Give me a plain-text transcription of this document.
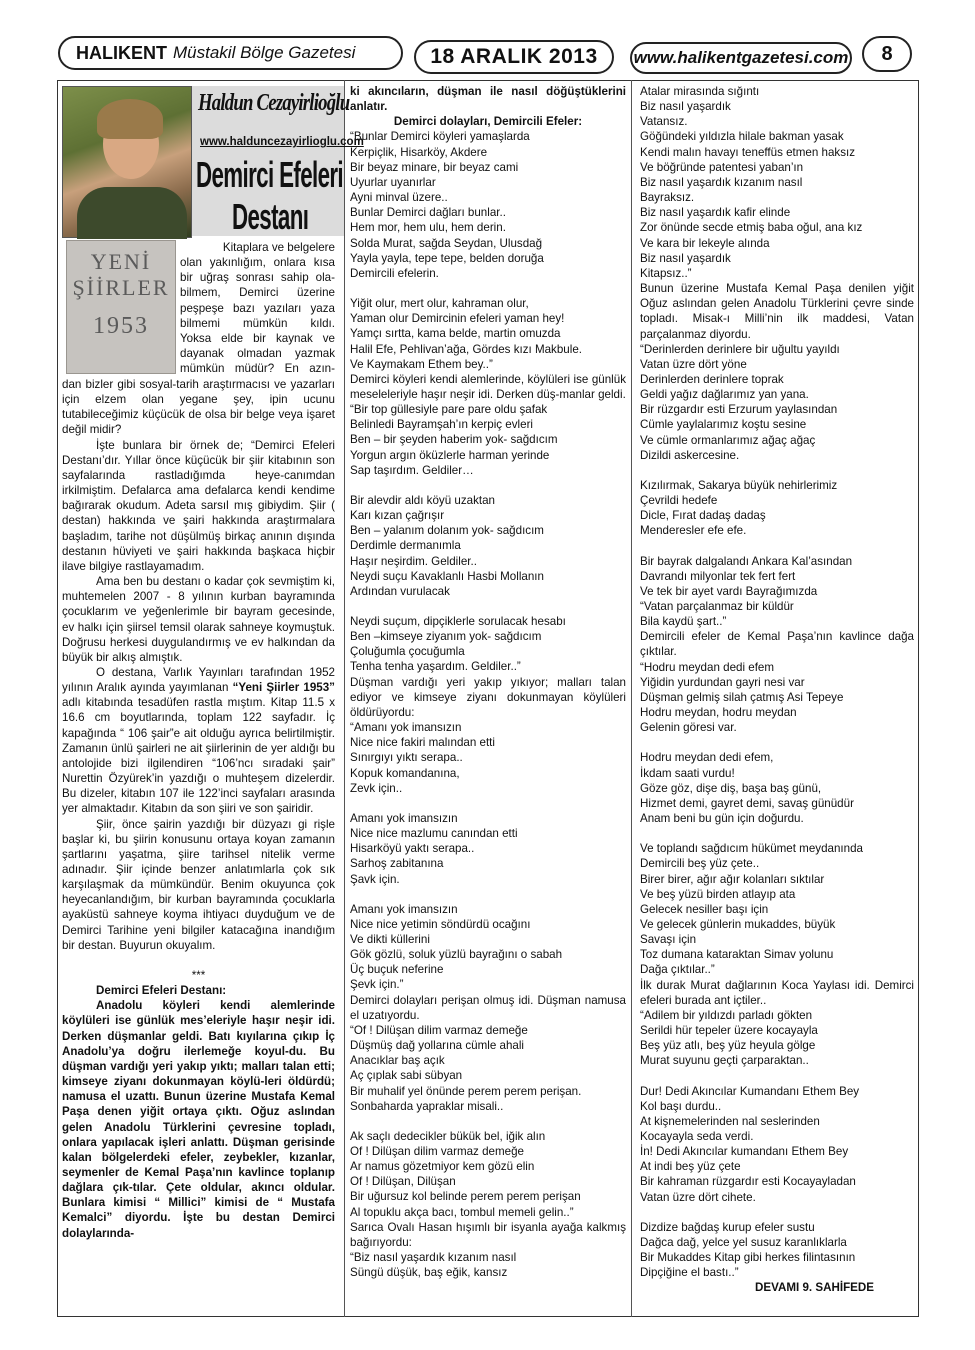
HALIKENT Müstakil Bölge Gazetesi	18 ARALIK 2013	www.halikentgazetesi.com	8
Haldun Cezayirlioğlu
www.halduncezayirlioglu.com
Demirci Efeleri
Destanı
YENİ
ŞİİRLER
1953

Kitaplara ve belgelere

olan yakınlığım, onlara kısa

bir uğraş sonrası sahip ola-

bilmem, Demirci üzerine

peşpeşe bazı yazıları yaza

bilmemi mümkün kıldı.

Yoksa elde bir kaynak ve

dayanak olmadan yazmak

mümkün müdür? En azın-

dan bizler gibi sosyal-tarih araştırmacısı ve yazarları için elzem olan yegane şey, ipin ucunu tutabileceğimiz küçücük de olsa bir belge veya işaret değil midir?

İşte bunlara bir örnek de; “Demirci Efeleri Destanı’dır. Yıllar önce küçücük bir şiir kitabının son sayfalarında rastladığımda heye-canımdan irkilmiştim. Defalarca ama defalarca kendi kendime bağırarak okudum. Adeta sarsıl mış gibiydim. Şiir ( destan) hakkında ve şairi hakkında araştırmalara başladım, tarihe not düşülmüş birkaç anının dışında destanın hüviyeti ve şairi hakkında başkaca hiçbir ilave bilgiye rastlayamadım.

Ama ben bu destanı o kadar çok sevmiştim ki, muhtemelen 2007 - 8 yılının kurban bayramında çocuklarım ve yeğenlerimle bir bayram gecesinde, ev halkı için şiirsel temsil olarak sahneye koymuştuk. Doğrusu herkesi duygulandırmış ve ev halkından da büyük bir alkış almıştık.

O destana, Varlık Yayınları tarafından 1952 yılının Aralık ayında yayımlanan “Yeni Şiirler 1953” adlı kitabında tesadüfen rastla mıştım. Kitap 11.5 x 16.6 cm boyutlarında, toplam 122 sayfadır. İç kapağında “ 106 şair”e ait olduğu ayrıca belirtilmiştir. Zamanın ünlü şairleri ne ait şiirlerinin de yer aldığı bu antolojide bizi ilgilendiren “106’ncı sıradaki şair” Nurettin Özyürek’in yazdığı o muhteşem dizelerdir. Bu dizeler, kitabın 107 ile 122’inci sayfaları arasında yer almaktadır. Kitabın da son şiiri ve son şairidir.

Şiir, önce şairin yazdığı bir düzyazı gi rişle başlar ki, bu şiirin konusunu ortaya koyan zamanın şartlarını yaşatma, şiire tarihsel nitelik verme adınadır. Şiir içinde benzer anlatımlarla çok sık karşılaşmak da mümkündür. Benim okuyunca çok heyecanlandığım, bir kurban bayramında çocuklarla ayaküstü sahneye koyma ihtiyacı duyduğum ve de Demirci Tarihine yeni bilgiler katacağına inandığım bir destan. Buyurun okuyalım.

***

Demirci Efeleri Destanı:

Anadolu köyleri kendi alemlerinde köylüleri ise günlük mes’eleriyle haşır neşir idi. Derken düşmanlar geldi. Batı kıyılarına çıkıp İç Anadolu’ya doğru ilerlemeğe koyul-du. Bu düşman vardığı yeri yakıp yıktı; malları talan etti; kimseye ziyanı dokunmayan köylü-leri öldürdü; namusa el uzattı. Bunun üzerine Mustafa Kemal Paşa denen yiğit ortaya çıktı. Oğuz aslından gelen Anadolu Türklerini çevresine topladı, onlara yapılacak işleri anlattı. Düşman gerisinde kalan bölgelerdeki efeler, zeybekler, kızanlar, seymenler de Kemal Paşa’nın kavlince toplanıp dağlara çık-tılar. Çete oldular, akıncı oldular. Bunlara kimisi “ Millici” kimisi de “ Mustafa Kemalci” diyordu. İşte bu destan Demirci dolaylarında-

ki akıncıların, düşman ile nasıl döğüştüklerini anlatır.

Demirci dolayları, Demircili Efeler:

“Bunlar Demirci köyleri yamaşlarda

Kerpiçlik, Hisarköy, Akdere

Bir beyaz minare, bir beyaz cami

Uyurlar uyanırlar

Ayni minval üzere..

Bunlar Demirci dağları bunlar..

Hem mor, hem ulu, hem derin.

Solda Murat, sağda Seydan, Ulusdağ

Yayla yayla, tepe tepe, belden doruğa

Demircili efelerin.

Yiğit olur, mert olur, kahraman olur,

Yaman olur Demircinin efeleri yaman hey!

Yamçı sırtta, kama belde, martin omuzda

Halil Efe, Pehlivan’ağa, Gördes kızı Makbule.

Ve Kaymakam Ethem bey..”

Demirci köyleri kendi alemlerinde, köylüleri ise günlük meseleleriyle haşır neşir idi. Derken düş-manlar geldi.

“Bir top güllesiyle pare pare oldu şafak

Belinledi Bayramşah’ın kerpiç evleri

Ben – bir şeyden haberim yok- sağdıcım

Yorgun argın öküzlerle harman yerinde

Sap taşırdım. Geldiler…

Bir alevdir aldı köyü uzaktan

Karı kızan çağrışır

Ben – yalanım dolanım yok- sağdıcım

Derdimle dermanımla

Haşır neşirdim. Geldiler..

Neydi suçu Kavaklanlı Hasbi Mollanın

Ardından vurulacak

Neydi suçum, dipçiklerle sorulacak hesabı

Ben –kimseye ziyanım yok- sağdıcım

Çoluğumla çocuğumla

Tenha tenha yaşardım. Geldiler..”

Düşman vardığı yeri yakıp yıkıyor; malları talan ediyor ve kimseye ziyanı dokunmayan köylüleri öldürüyordu:

“Amanı yok imansızın

Nice nice fakiri malından etti

Sınırgıyı yıktı serapa..

Kopuk komandanına,

Zevk için..

Amanı yok imansızın

Nice nice mazlumu canından etti

Hisarköyü yaktı serapa..

Sarhoş zabitanına

Şavk için.

Amanı yok imansızın

Nice nice yetimin söndürdü ocağını

Ve dikti küllerini

Gök gözlü, soluk yüzlü bayrağını o sabah

Üç buçuk neferine

Şevk için.”

Demirci dolayları perişan olmuş idi. Düşman namusa el uzatıyordu.

“Of ! Dilüşan dilim varmaz demeğe

Düşmüş dağ yollarına cümle ahali

Anacıklar baş açık

Aç çıplak sabi sübyan

Bir muhalif yel önünde perem perem perişan.

Sonbaharda yapraklar misali..

Ak saçlı dedecikler bükük bel, iğik alın

Of ! Dilüşan dilim varmaz demeğe

Ar namus gözetmiyor kem gözü elin

Of ! Dilüşan, Dilüşan

Bir uğursuz kol belinde perem perem perişan

Al topuklu akça bacı, tombul memeli gelin..”

Sarıca Ovalı Hasan hışımlı bir isyanla ayağa kalkmış bağırıyordu:

“Biz nasıl yaşardık kızanım nasıl

Süngü düşük, baş eğik, kansız

Atalar mirasında sığıntı

Biz nasıl yaşardık

Vatansız.

Göğündeki yıldızla hilale bakman yasak

Kendi malın havayı teneffüs etmen haksız

Ve böğründe patentesi yaban’ın

Biz nasıl yaşardık kızanım nasıl

Bayraksız.

Biz nasıl yaşardık kafir elinde

Zor önünde secde etmiş baba oğul, ana kız

Ve kara bir lekeyle alında

Biz nasıl yaşardık

Kitapsız..”

Bunun üzerine Mustafa Kemal Paşa denilen yiğit Oğuz aslından gelen Anadolu Türklerini çevre sinde topladı. Misak-ı Milli’nin ilk maddesi, Vatan parçalanmaz diyordu.

“Derinlerden derinlere bir uğultu yayıldı

Vatan üzre dört yöne

Derinlerden derinlere toprak

Geldi yağız dağlarımız yan yana.

Bir rüzgardır esti Erzurum yaylasından

Cümle yaylalarımız koştu sesine

Ve cümle ormanlarımız ağaç ağaç

Dizildi askercesine.

Kızılırmak, Sakarya büyük nehirlerimiz

Çevrildi hedefe

Dicle, Fırat dadaş dadaş

Menderesler efe efe.

Bir bayrak dalgalandı Ankara Kal’asından

Davrandı milyonlar tek fert fert

Ve tek bir ayet vardı Bayrağımızda

“Vatan parçalanmaz bir küldür

Bila kaydü şart..”

Demircili efeler de Kemal Paşa’nın kavlince dağa çıktılar.

“Hodru meydan dedi efem

Yiğidin yurdundan gayri nesi var

Düşman gelmiş silah çatmış Asi Tepeye

Hodru meydan, hodru meydan

Gelenin göresi var.

Hodru meydan dedi efem,

İkdam saati vurdu!

Göze göz, dişe diş, başa baş günü,

Hizmet demi, gayret demi, savaş günüdür

Anam beni bu gün için doğurdu.

Ve toplandı sağdıcım hükümet meydanında

Demircili beş yüz çete..

Birer birer, ağır ağır kolanları sıktılar

Ve beş yüzü birden atlayıp ata

Gelecek nesiller başı için

Ve gelecek günlerin mukaddes, büyük

Savaşı için

Toz dumana kataraktan Simav yolunu

Dağa çıktılar..”

İlk durak Murat dağlarının Koca Yaylası idi. Demirci efeleri burada ant içtiler..

“Adilem bir yıldızdı parladı gökten

Serildi hür tepeler üzere kocayayla

Beş yüz atlı, beş yüz heyula gölge

Murat suyunu geçti çarparaktan..

Dur! Dedi Akıncılar Kumandanı Ethem Bey

Kol başı durdu..

At kişnemelerinden nal seslerinden

Kocayayla seda verdi.

İn! Dedi Akıncılar kumandanı Ethem Bey

At indi beş yüz çete

Bir kahraman rüzgardır esti Kocayayladan

Vatan üzre dört cihete.

Dizdize bağdaş kurup efeler sustu

Dağca dağ, yelce yel susuz karanlıklarla

Bir Mukaddes Kitap gibi herkes filintasının

Dipçiğine el bastı..”

DEVAMI 9. SAHİFEDE
